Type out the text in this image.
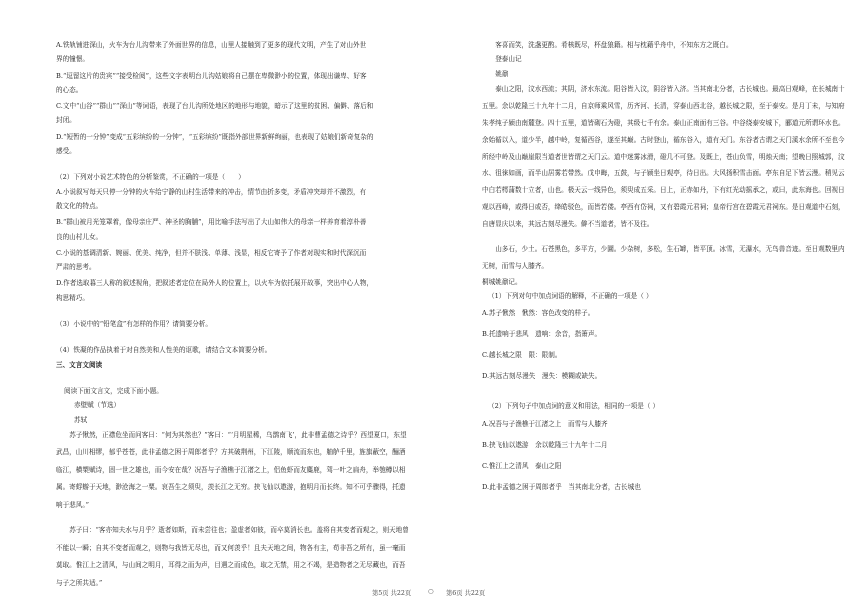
A.铁轨铺进深山，火车为台儿沟带来了外面世界的信息，山里人接触到了更多的现代文明，产生了对山外世

界的憧憬。

B.“逗留这片的贵宾”“接受检阅”，这些文字表明台儿沟姑娘将自己摆在卑微渺小的位置，体现出谦卑、好客

的心态。

C.文中“山谷”“群山”“深山”等词语，表现了台儿沟所处地区的地形与地貌，暗示了这里的贫困、偏僻、落后和

封闭。

D.“短暂的一分钟”变成“五彩缤纷的一分钟”，“五彩缤纷”既指外部世界新鲜绚丽，也表现了姑娘们新奇复杂的

感受。

（2）下列对小说艺术特色的分析鉴赏，不正确的一项是（　　）

A.小说叙写每天只停一分钟的火车给宁静的山村生活带来的冲击，情节由折多变，矛盾冲突却并不激烈，有

散文化的特点。

B.“群山被月光笼罩着，像母亲庄严、神圣的胸脯”，用比喻手法写出了大山如伟大的母亲一样养育着淳朴善

良的山村儿女。

C.小说的基调清新、婉丽、优美、纯净，但并不肤浅、单薄、浅显，相反它寄予了作者对现实和时代深沉而

严肃的思考。

D.作者选取暮三人称的叙述视角，把叙述者定位在局外人的位置上，以火车为依托展开故事，突出中心人物，

构思精巧。

（3）小说中的“铅笔盒”有怎样的作用？请简要分析。

（4）铁凝的作品执着于对自然美和人性美的讴歌，请结合文本简要分析。

三、文言文阅读

阅读下面文言文，完成下面小题。

赤壁赋（节选）

苏轼

苏子愀然，正襟危坐而问客曰：“何为其然也？”客曰：“‘月明星稀，乌鹊南飞’，此非曹孟德之诗乎？西望夏口，东望武昌，山川相缪，郁乎苍苍，此非孟德之困于周郎者乎？方其破荆州，下江陵，顺流而东也，舳舻千里，旌旗蔽空，酾酒临江，横槊赋诗，固一世之雄也，而今安在哉？况吾与子渔樵于江渚之上，侣鱼虾而友麋鹿，驾一叶之扁舟，举匏樽以相属。寄蜉蝣于天地，渺沧海之一粟。哀吾生之须臾，羡长江之无穷。挟飞仙以遨游，抱明月而长终。知不可乎骤得，托遗响于悲风。”

苏子曰：“客亦知夫水与月乎？逝者如斯，而未尝往也；盈虚者如彼，而卒莫消长也。盖将自其变者而观之，则天地曾不能以一瞬；自其不变者而观之，则物与我皆无尽也，而又何羡乎！且夫天地之间，物各有主，苟非吾之所有，虽一毫而莫取。惟江上之清风，与山间之明月，耳得之而为声，目遇之而成色，取之无禁，用之不竭，是造物者之无尽藏也，而吾与子之所共适。”

客喜而笑，洗盏更酌。肴核既尽，杯盘狼籍。相与枕藉乎舟中，不知东方之既白。

登泰山记

姚鼐

泰山之阳，汶水西流；其阴，济水东流。阳谷皆入汶，阴谷皆入济。当其南北分者，古长城也。最高日观峰，在长城南十五里。余以乾隆三十九年十二月，自京师乘风雪，历齐河、长清，穿泰山西北谷，越长城之限，至于泰安。是月丁未，与知府朱孝纯子颍由南麓登。四十五里，道皆砌石为磴，其级七千有余。泰山正南面有三谷。中谷绕泰安城下，郦道元所谓环水也。余始循以入，道少半，越中岭，复循西谷，遂至其巅。古时登山，循东谷入，道有天门。东谷者古谓之天门溪水余所不至也今所经中岭及山巅崖限当道者世皆谓之天门云。道中迷雾冰滑，磴几不可登。及既上，苍山负雪，明烛天南；望晚日照城郭，汶水、徂徕如画，而半山居雾若带然。戊申晦，五鼓，与子颍坐日观亭，待日出。大风扬积雪击面。亭东自足下皆云漫。稍见云中白若樗蒲数十立者，山也。极天云一线异色，须臾成五采。日上，正赤如丹，下有红光动摇承之，或曰，此东海也。回视日观以西峰，或得日或否，绛皓驳色，而皆若偻。亭西有岱祠，又有碧霞元君祠；皇帝行宫在碧霞元君祠东。是日观道中石刻，自唐显庆以来，其远古刻尽漫失。僻不当道者，皆不及往。

山多石，少土。石苍黑色，多平方，少圜。少杂树，多松，生石罅，皆平顶。冰雪，无瀑水，无鸟兽音迹。至日观数里内无树，而雪与人膝齐。

桐城姚鼐记。

（1）下列对句中加点词语的解释，不正确的一项是（ ）

A.苏子愀然　愀然：容色改变的样子。

B.托遗响于悲风　遗响：余音，指箫声。

C.越长城之限　限：限制。

D.其远古刻尽漫失　漫失：模糊或缺失。

（2）下列句子中加点词的意义和用法，相同的一项是（ ）

A.况吾与子渔樵于江渚之上　而雪与人膝齐

B.挟飞仙以遨游　余以乾隆三十九年十二月

C.惟江上之清风　泰山之阳

D.此非孟德之困于周郎者乎　当其南北分者，古长城也

第5页 共22页	○ 第6页 共22页
